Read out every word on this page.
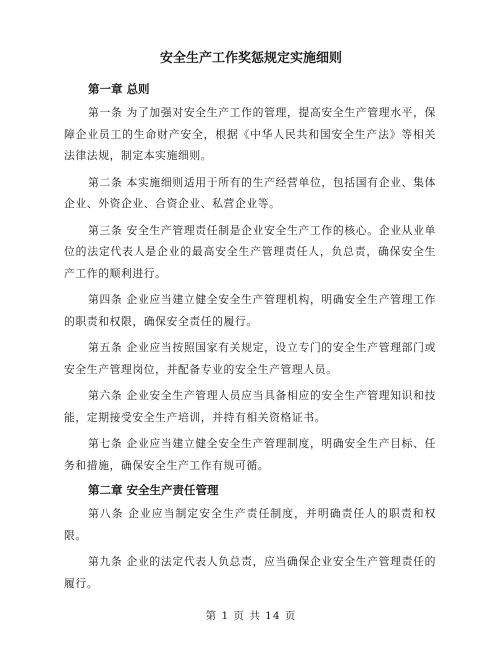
安全生产工作奖惩规定实施细则

第一章 总则

第一条 为了加强对安全生产工作的管理，提高安全生产管理水平，保障企业员工的生命财产安全，根据《中华人民共和国安全生产法》等相关法律法规，制定本实施细则。

第二条 本实施细则适用于所有的生产经营单位，包括国有企业、集体企业、外资企业、合资企业、私营企业等。

第三条 安全生产管理责任制是企业安全生产工作的核心。企业从业单位的法定代表人是企业的最高安全生产管理责任人，负总责，确保安全生产工作的顺利进行。

第四条 企业应当建立健全安全生产管理机构，明确安全生产管理工作的职责和权限，确保安全责任的履行。

第五条 企业应当按照国家有关规定，设立专门的安全生产管理部门或安全生产管理岗位，并配备专业的安全生产管理人员。

第六条 企业安全生产管理人员应当具备相应的安全生产管理知识和技能，定期接受安全生产培训，并持有相关资格证书。

第七条 企业应当建立健全安全生产管理制度，明确安全生产目标、任务和措施，确保安全生产工作有规可循。

第二章 安全生产责任管理

第八条 企业应当制定安全生产责任制度，并明确责任人的职责和权限。

第九条 企业的法定代表人负总责，应当确保企业安全生产管理责任的履行。

第 1 页 共 14 页
